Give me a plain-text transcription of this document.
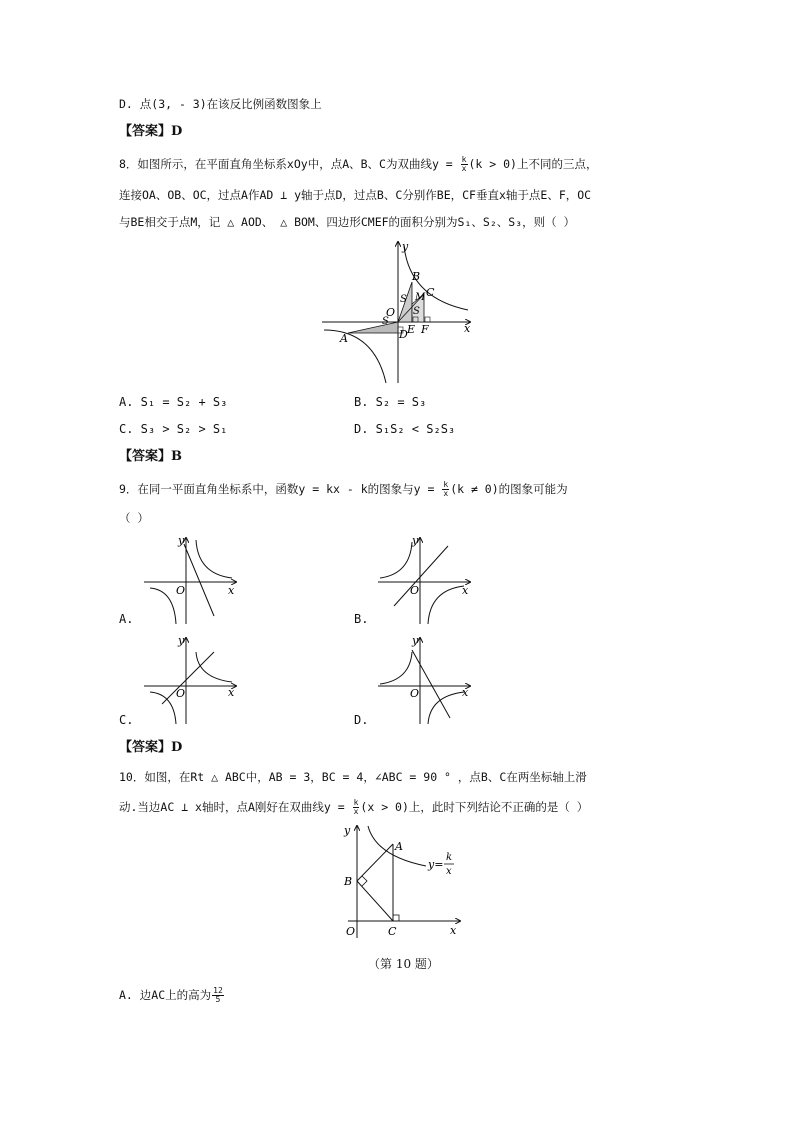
D. 点(3, - 3)在该反比例函数图象上
【答案】D
8．如图所示，在平面直角坐标系xOy中，点A、B、C为双曲线$y = \frac{k}{x} (k > 0)$上不同的三点，
连接OA、OB、OC，过点A作AD ⊥ y轴于点D，过点B、C分别作BE，CF垂直x轴于点E、F，OC
与BE相交于点M，记 △ AOD、 △ BOM、四边形CMEF的面积分别为S₁、S₂、S₃，则（ ）
y
x
B
C
M
S
O
S
S
D E F
A
A. S₁ = S₂ + S₃	B. S₂ = S₃
C. S₃ > S₂ > S₁	D. S₁S₂ < S₂S₃
【答案】B
9．在同一平面直角坐标系中，函数y = kx - k的图象与$y = \frac{k}{x} (k \ne 0)$的图象可能为
（ ）
y
x
O
y
x
O
A.	B.
y
x
O
y
x
O
C.	D.
【答案】D
10．如图，在Rt △ ABC中，AB = 3，BC = 4，∠ABC = 90 ° ，点B、C在两坐标轴上滑
动.当边AC ⊥ x轴时，点A刚好在双曲线$y = \frac{k}{x} (x > 0)$上，此时下列结论不正确的是（ ）
y
x
A
B
O	C
y=
k
x
（第 10 题）
A. 边AC上的高为 $\frac{12}{5}$
